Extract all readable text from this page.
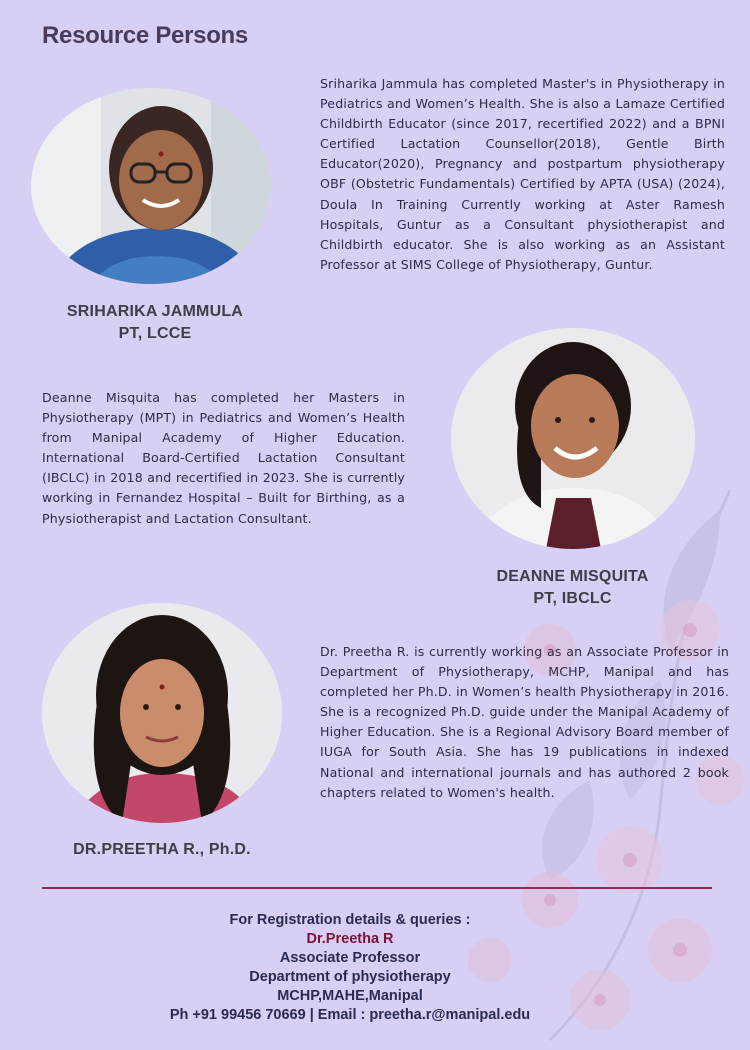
Resource Persons
SRIHARIKA JAMMULA
PT, LCCE

Sriharika Jammula has completed Master's in Physiotherapy in Pediatrics and Women’s Health. She is also a Lamaze Certified Childbirth Educator (since 2017, recertified 2022) and a BPNI Certified Lactation Counsellor(2018), Gentle Birth Educator(2020), Pregnancy and postpartum physiotherapy OBF (Obstetric Fundamentals) Certified by APTA (USA) (2024), Doula In Training Currently working at Aster Ramesh Hospitals, Guntur as a Consultant physiotherapist and Childbirth educator. She is also working as an Assistant Professor at SIMS College of Physiotherapy, Guntur.

Deanne Misquita has completed her Masters in Physiotherapy (MPT) in Pediatrics and Women’s Health from Manipal Academy of Higher Education. International Board-Certified Lactation Consultant (IBCLC) in 2018 and recertified in 2023. She is currently working in Fernandez Hospital – Built for Birthing, as a Physiotherapist and Lactation Consultant.

DEANNE MISQUITA
PT, IBCLC
DR.PREETHA R., Ph.D.

Dr. Preetha R. is currently working as an Associate Professor in Department of Physiotherapy, MCHP, Manipal and has completed her Ph.D. in Women’s health Physiotherapy in 2016. She is a recognized Ph.D. guide under the Manipal Academy of Higher Education. She is a Regional Advisory Board member of IUGA for South Asia. She has 19 publications in indexed National and international journals and has authored 2 book chapters related to Women's health.

For Registration details & queries :
Dr.Preetha R
Associate Professor
Department of physiotherapy
MCHP,MAHE,Manipal
Ph +91 99456 70669 | Email : preetha.r@manipal.edu
